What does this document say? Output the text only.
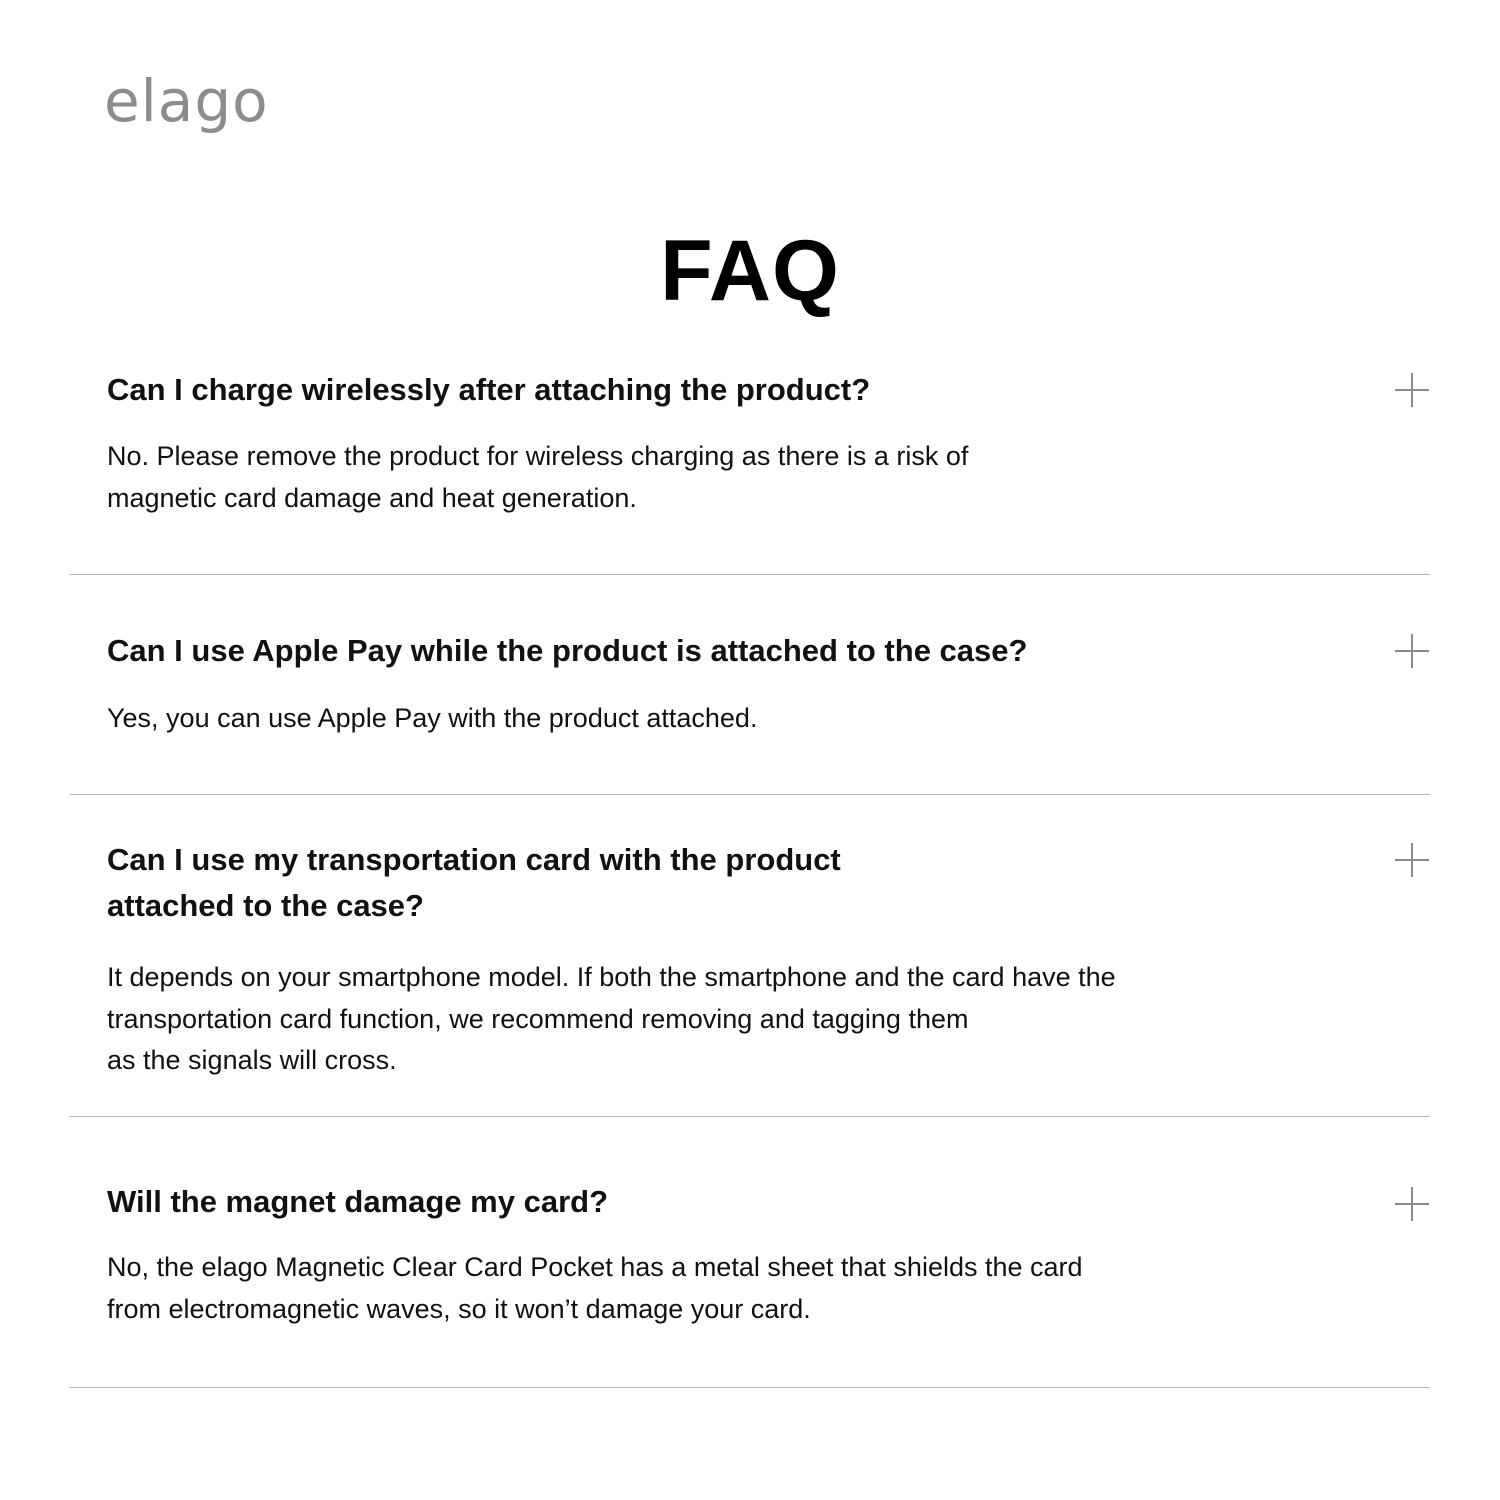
elago
FAQ
Can I charge wirelessly after attaching the product?

No. Please remove the product for wireless charging as there is a risk of
magnetic card damage and heat generation.

Can I use Apple Pay while the product is attached to the case?

Yes, you can use Apple Pay with the product attached.

Can I use my transportation card with the product
attached to the case?

It depends on your smartphone model. If both the smartphone and the card have the
transportation card function, we recommend removing and tagging them
as the signals will cross.

Will the magnet damage my card?

No, the elago Magnetic Clear Card Pocket has a metal sheet that shields the card
from electromagnetic waves, so it won’t damage your card.
